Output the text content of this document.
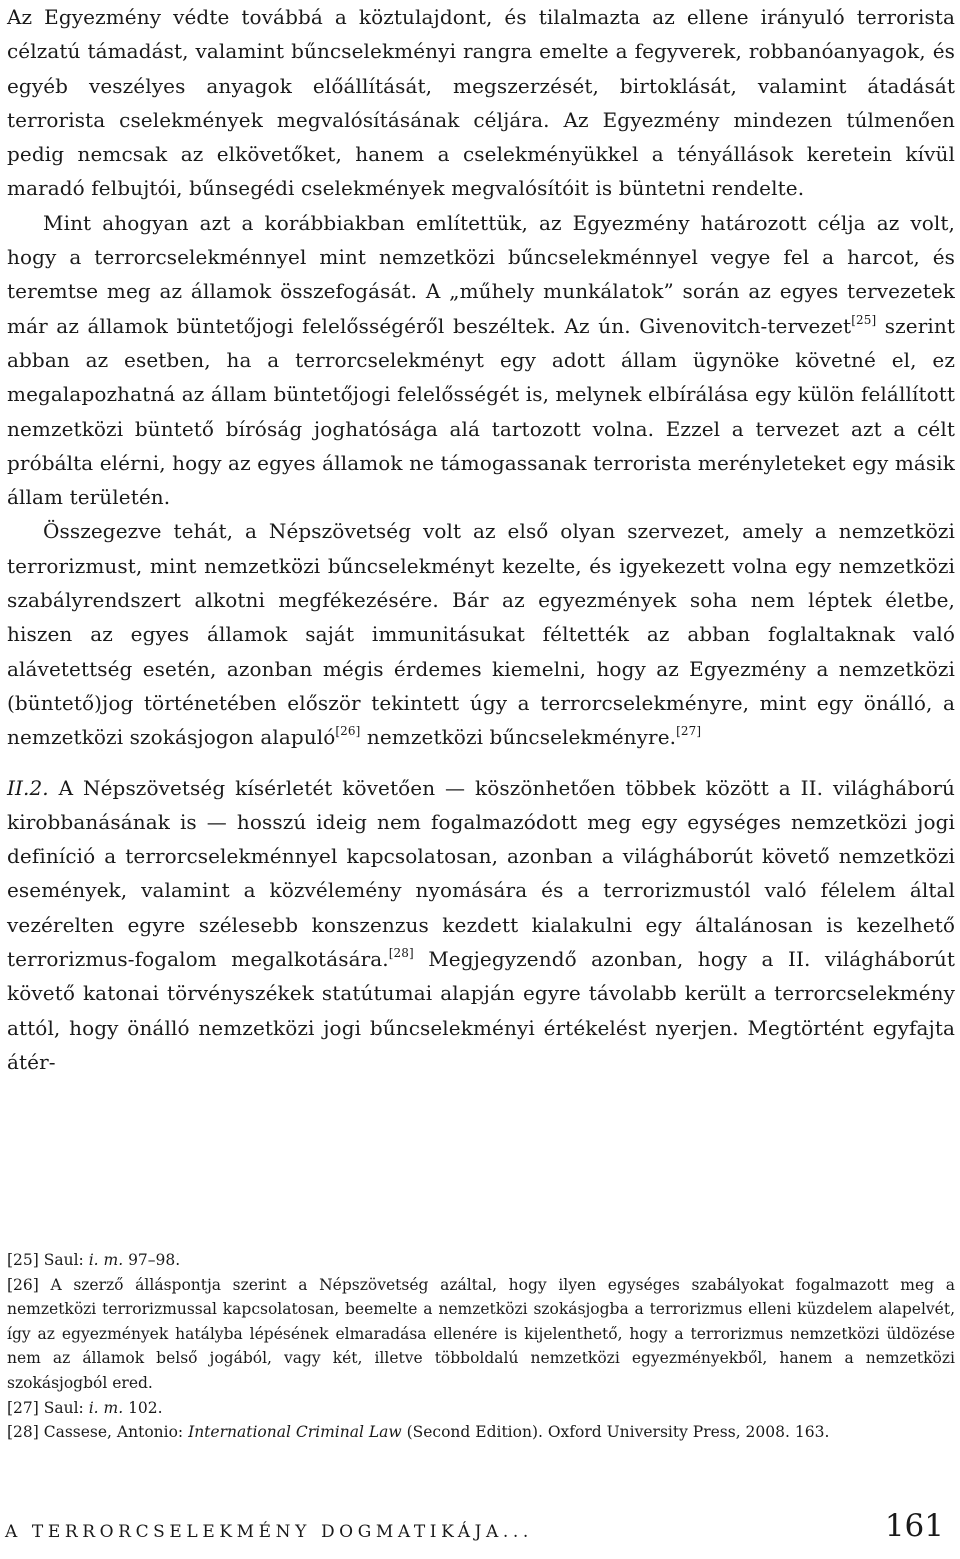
Az Egyezmény védte továbbá a köztulajdont, és tilalmazta az ellene irányuló terrorista célzatú támadást, valamint bűncselekményi rangra emelte a fegyverek, robbanóanyagok, és egyéb veszélyes anyagok előállítását, megszerzését, birtoklását, valamint átadását terrorista cselekmények megvalósításának céljára. Az Egyezmény mindezen túlmenően pedig nemcsak az elkövetőket, hanem a cselekményükkel a tényállások keretein kívül maradó felbujtói, bűnsegédi cselekmények megvalósítóit is büntetni rendelte.

Mint ahogyan azt a korábbiakban említettük, az Egyezmény határozott célja az volt, hogy a terrorcselekménnyel mint nemzetközi bűncselekménnyel vegye fel a harcot, és teremtse meg az államok összefogását. A „műhely munkálatok” során az egyes tervezetek már az államok büntetőjogi felelősségéről beszéltek. Az ún. Givenovitch-tervezet[25] szerint abban az esetben, ha a terrorcselekményt egy adott állam ügynöke követné el, ez megalapozhatná az állam büntetőjogi felelősségét is, melynek elbírálása egy külön felállított nemzetközi büntető bíróság joghatósága alá tartozott volna. Ezzel a tervezet azt a célt próbálta elérni, hogy az egyes államok ne támogassanak terrorista merényleteket egy másik állam területén.

Összegezve tehát, a Népszövetség volt az első olyan szervezet, amely a nemzetközi terrorizmust, mint nemzetközi bűncselekményt kezelte, és igyekezett volna egy nemzetközi szabályrendszert alkotni megfékezésére. Bár az egyezmények soha nem léptek életbe, hiszen az egyes államok saját immunitásukat féltették az abban foglaltaknak való alávetettség esetén, azonban mégis érdemes kiemelni, hogy az Egyezmény a nemzetközi (büntető)jog történetében először tekintett úgy a terrorcselekményre, mint egy önálló, a nemzetközi szokásjogon alapuló[26] nemzetközi bűncselekményre.[27]

II.2. A Népszövetség kísérletét követően — köszönhetően többek között a II. világháború kirobbanásának is — hosszú ideig nem fogalmazódott meg egy egységes nemzetközi jogi definíció a terrorcselekménnyel kapcsolatosan, azonban a világháborút követő nemzetközi események, valamint a közvélemény nyomására és a terrorizmustól való félelem által vezérelten egyre szélesebb konszenzus kezdett kialakulni egy általánosan is kezelhető terrorizmus-fogalom megalkotására.[28] Megjegyzendő azonban, hogy a II. világháborút követő katonai törvényszékek statútumai alapján egyre távolabb került a terrorcselekmény attól, hogy önálló nemzetközi jogi bűncselekményi értékelést nyerjen. Megtörtént egyfajta átér-

[25] Saul: i. m. 97–98.

[26] A szerző álláspontja szerint a Népszövetség azáltal, hogy ilyen egységes szabályokat fogalmazott meg a nemzetközi terrorizmussal kapcsolatosan, beemelte a nemzetközi szokásjogba a terrorizmus elleni küzdelem alapelvét, így az egyezmények hatályba lépésének elmaradása ellenére is kijelenthető, hogy a terrorizmus nemzetközi üldözése nem az államok belső jogából, vagy két, illetve többoldalú nemzetközi egyezményekből, hanem a nemzetközi szokásjogból ered.

[27] Saul: i. m. 102.

[28] Cassese, Antonio: International Criminal Law (Second Edition). Oxford University Press, 2008. 163.

A TERRORCSELEKMÉNY DOGMATIKÁJA...	161
